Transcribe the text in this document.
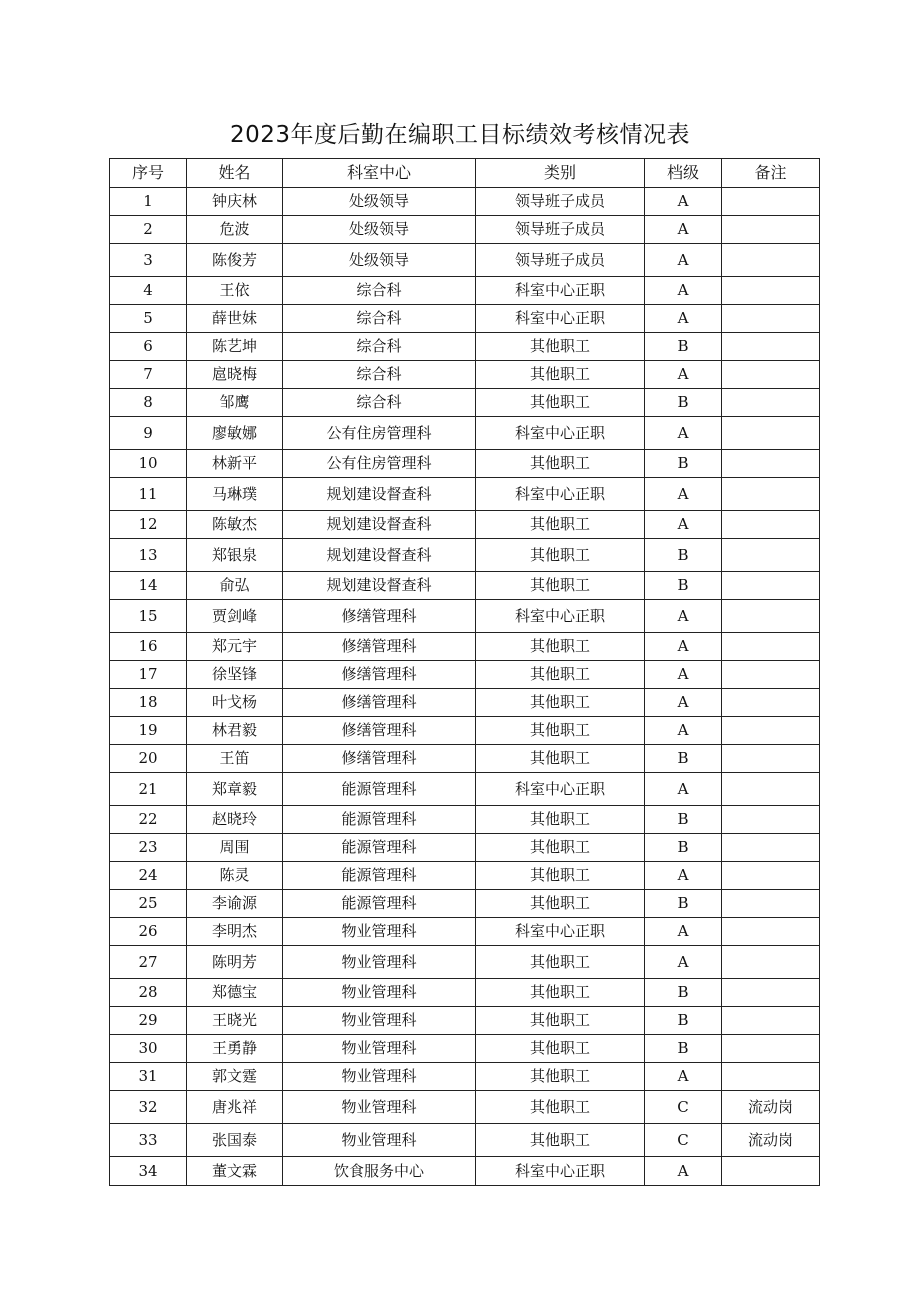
2023年度后勤在编职工目标绩效考核情况表
序号	姓名	科室中心	类别	档级	备注
1	钟庆林	处级领导	领导班子成员	A	
2	危波	处级领导	领导班子成员	A	
3	陈俊芳	处级领导	领导班子成员	A	
4	王依	综合科	科室中心正职	A	
5	薛世妹	综合科	科室中心正职	A	
6	陈艺坤	综合科	其他职工	B	
7	扈晓梅	综合科	其他职工	A	
8	邹鹰	综合科	其他职工	B	
9	廖敏娜	公有住房管理科	科室中心正职	A	
10	林新平	公有住房管理科	其他职工	B	
11	马琳璞	规划建设督查科	科室中心正职	A	
12	陈敏杰	规划建设督查科	其他职工	A	
13	郑银泉	规划建设督查科	其他职工	B	
14	俞弘	规划建设督查科	其他职工	B	
15	贾剑峰	修缮管理科	科室中心正职	A	
16	郑元宇	修缮管理科	其他职工	A	
17	徐坚锋	修缮管理科	其他职工	A	
18	叶戈杨	修缮管理科	其他职工	A	
19	林君毅	修缮管理科	其他职工	A	
20	王笛	修缮管理科	其他职工	B	
21	郑章毅	能源管理科	科室中心正职	A	
22	赵晓玲	能源管理科	其他职工	B	
23	周围	能源管理科	其他职工	B	
24	陈灵	能源管理科	其他职工	A	
25	李谕源	能源管理科	其他职工	B	
26	李明杰	物业管理科	科室中心正职	A	
27	陈明芳	物业管理科	其他职工	A	
28	郑德宝	物业管理科	其他职工	B	
29	王晓光	物业管理科	其他职工	B	
30	王勇静	物业管理科	其他职工	B	
31	郭文霆	物业管理科	其他职工	A	
32	唐兆祥	物业管理科	其他职工	C	流动岗
33	张国泰	物业管理科	其他职工	C	流动岗
34	董文霖	饮食服务中心	科室中心正职	A	
